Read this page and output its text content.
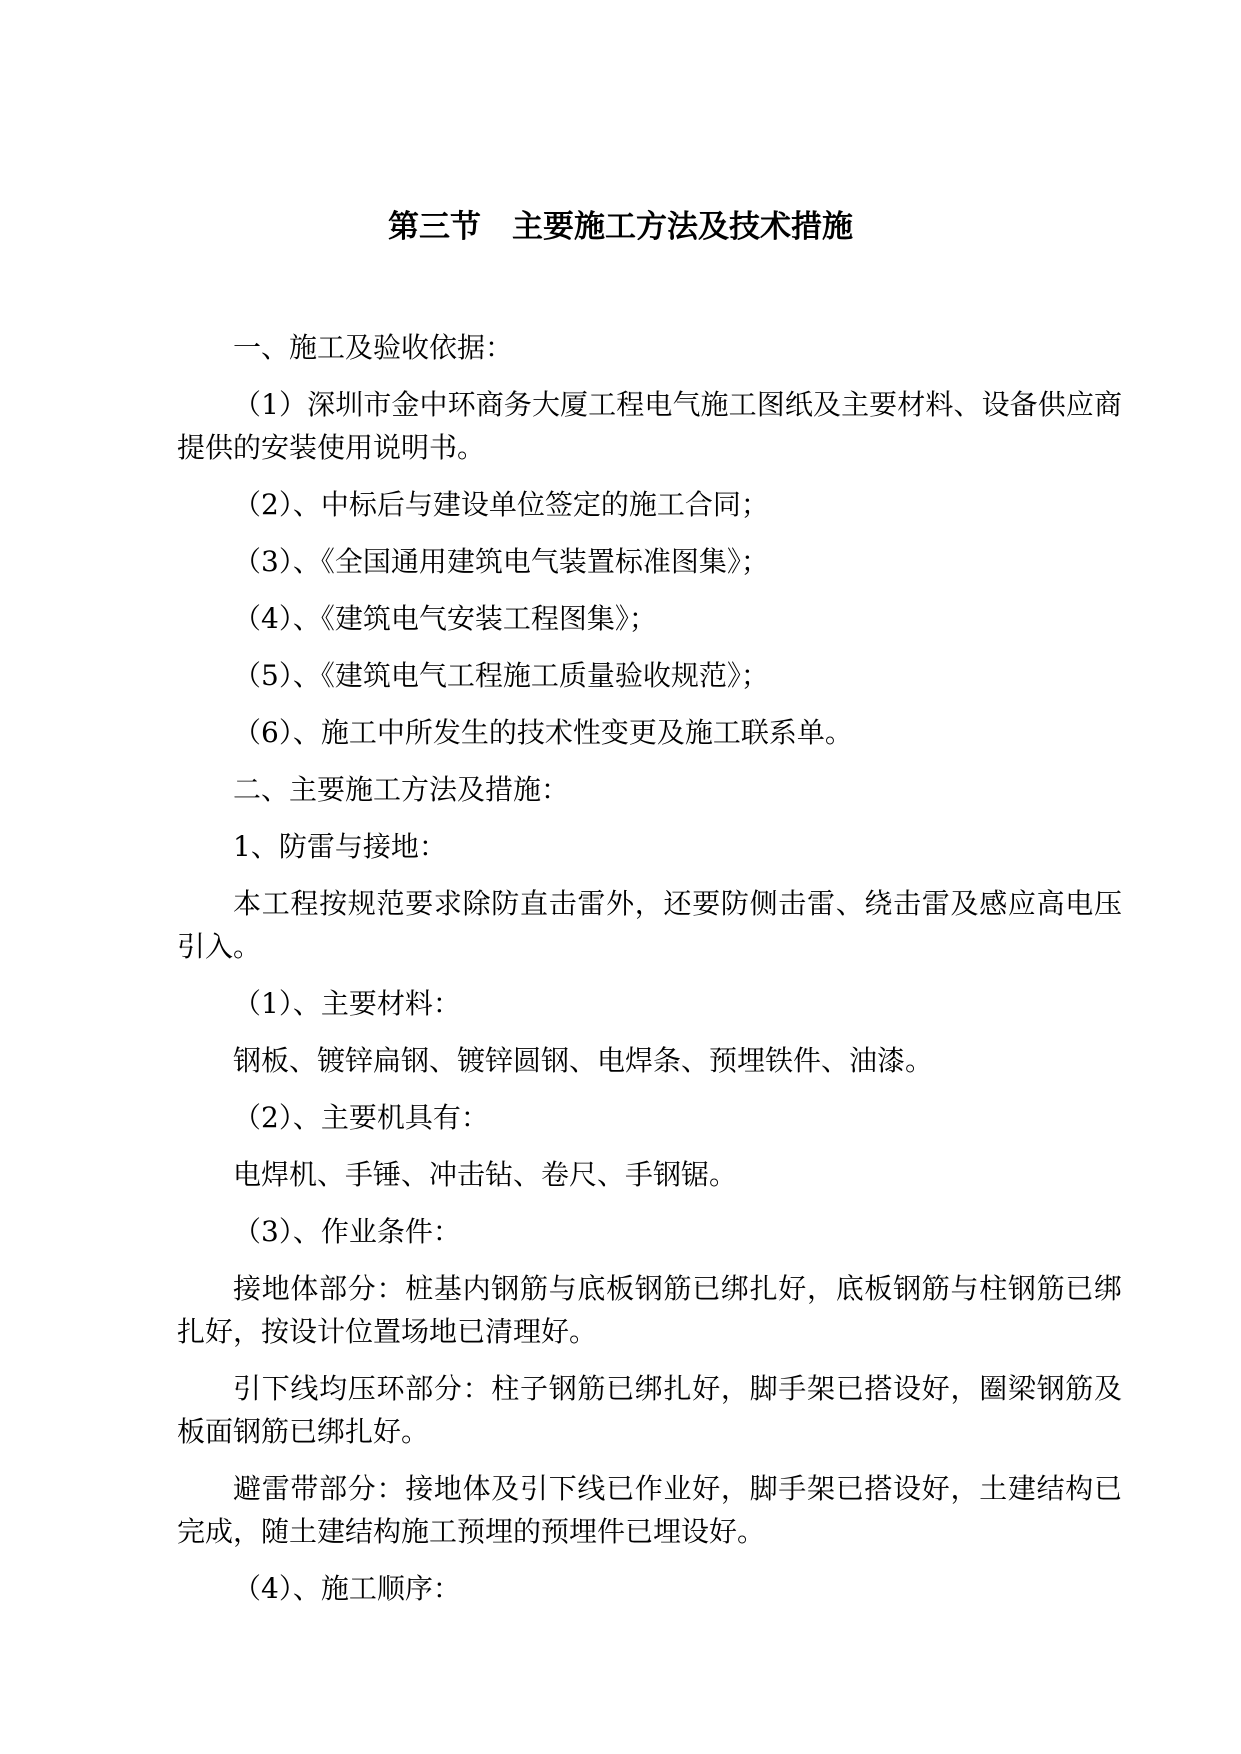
第三节　主要施工方法及技术措施

一、施工及验收依据：

（1）深圳市金中环商务大厦工程电气施工图纸及主要材料、设备供应商提供的安装使用说明书。

（2）、中标后与建设单位签定的施工合同；

（3）、《全国通用建筑电气装置标准图集》；

（4）、《建筑电气安装工程图集》；

（5）、《建筑电气工程施工质量验收规范》；

（6）、施工中所发生的技术性变更及施工联系单。

二、主要施工方法及措施：

1、防雷与接地：

本工程按规范要求除防直击雷外，还要防侧击雷、绕击雷及感应高电压引入。

（1）、主要材料：

钢板、镀锌扁钢、镀锌圆钢、电焊条、预埋铁件、油漆。

（2）、主要机具有：

电焊机、手锤、冲击钻、卷尺、手钢锯。

（3）、作业条件：

接地体部分：桩基内钢筋与底板钢筋已绑扎好，底板钢筋与柱钢筋已绑扎好，按设计位置场地已清理好。

引下线均压环部分：柱子钢筋已绑扎好，脚手架已搭设好，圈梁钢筋及板面钢筋已绑扎好。

避雷带部分：接地体及引下线已作业好，脚手架已搭设好，土建结构已完成，随土建结构施工预埋的预埋件已埋设好。

（4）、施工顺序：
